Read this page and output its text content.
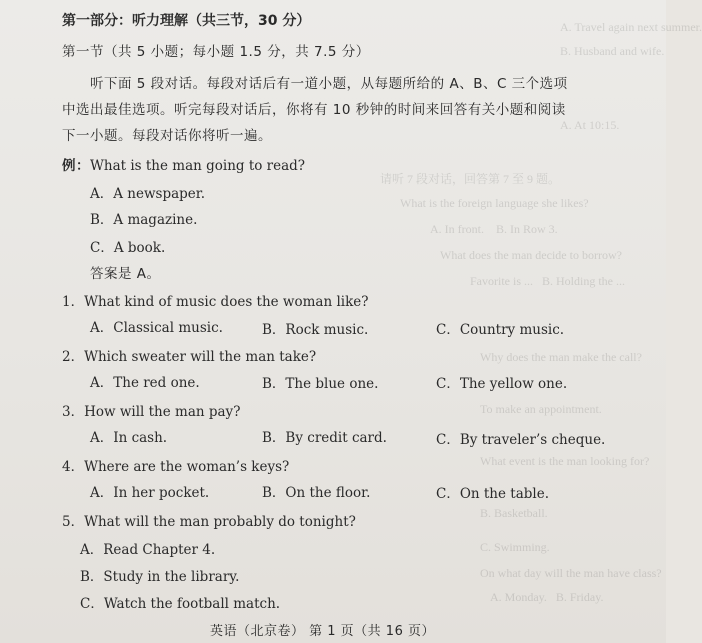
A. Travel again next summer.
B. Husband and wife.
A. At 10:15.
请听 7 段对话，回答第 7 至 9 题。
What is the foreign language she likes?
A. In front.    B. In Row 3.
What does the man decide to borrow?
Favorite is ...   B. Holding the ...
Why does the man make the call?
To make an appointment.
What event is the man looking for?
B. Basketball.
C. Swimming.
On what day will the man have class?
A. Monday.   B. Friday.
第一部分：听力理解（共三节，30 分）
第一节（共 5 小题；每小题 1.5 分，共 7.5 分）
听下面 5 段对话。每段对话后有一道小题，从每题所给的 A、B、C 三个选项
中选出最佳选项。听完每段对话后，你将有 10 秒钟的时间来回答有关小题和阅读
下一小题。每段对话你将听一遍。
例：What is the man going to read?
A．A newspaper.
B．A magazine.
C．A book.
答案是 A。
1．What kind of music does the woman like?
A．Classical music.	B．Rock music.	C．Country music.
2．Which sweater will the man take?
A．The red one.	B．The blue one.	C．The yellow one.
3．How will the man pay?
A．In cash.	B．By credit card.	C．By traveler’s cheque.
4．Where are the woman’s keys?
A．In her pocket.	B．On the floor.	C．On the table.
5．What will the man probably do tonight?
A．Read Chapter 4.
B．Study in the library.
C．Watch the football match.
英语（北京卷） 第 1 页（共 16 页）
